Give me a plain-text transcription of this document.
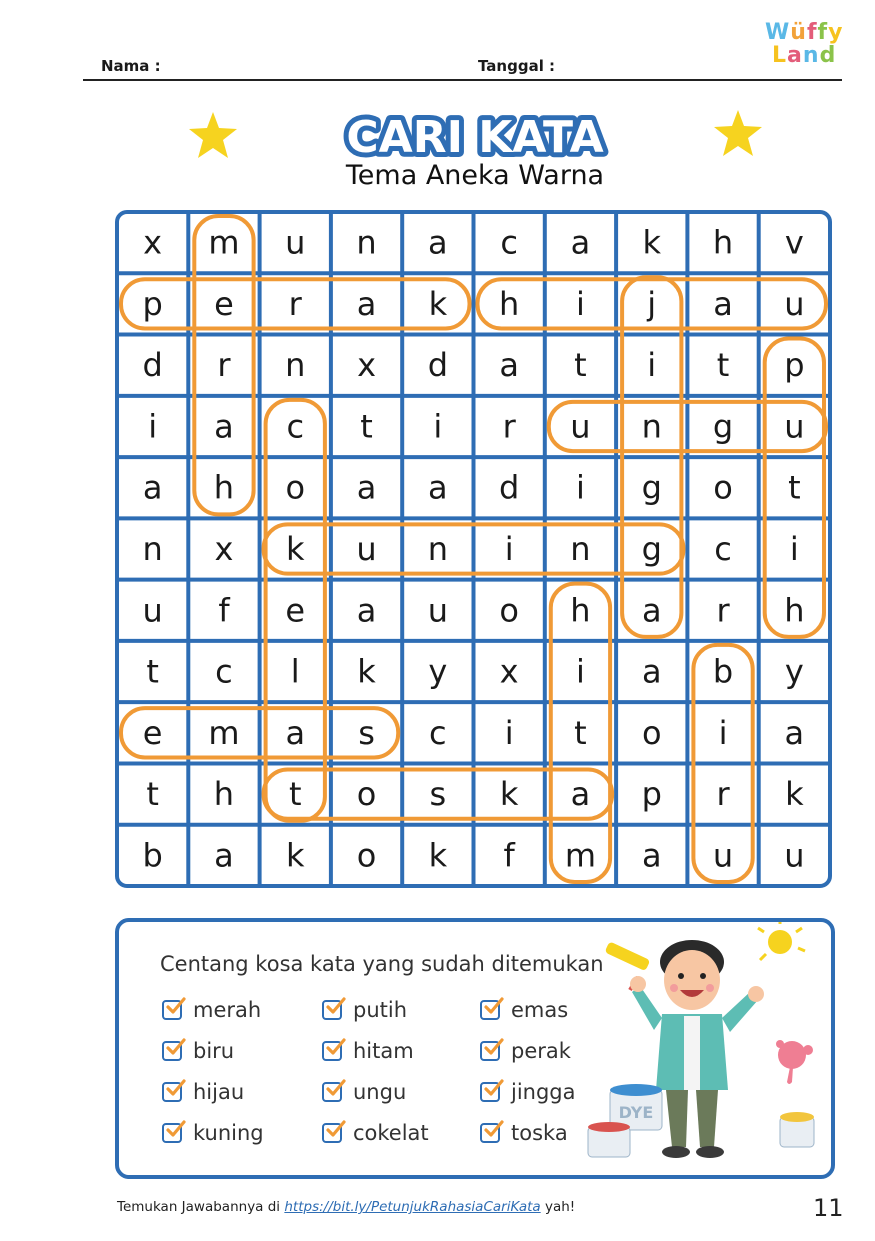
Nama :	Tanggal :
Wüffy
Land
CARI KATA
Tema Aneka Warna
x m u n a c a k h v
p e r a k h i j a u
d r n x d a t i t p
i a c t i r u n g u
a h o a a d i g o t
n x k u n i n g c i
u f e a u o h a r h
t c l k y x i a b y
e m a s c i t o i a
t h t o s k a p r k
b a k o k f m a u u
Centang kosa kata yang sudah ditemukan
merah
biru
hijau
kuning
putih
hitam
ungu
cokelat
emas
perak
jingga
toska
DYE
Temukan Jawabannya di https://bit.ly/PetunjukRahasiaCariKata yah!	11
